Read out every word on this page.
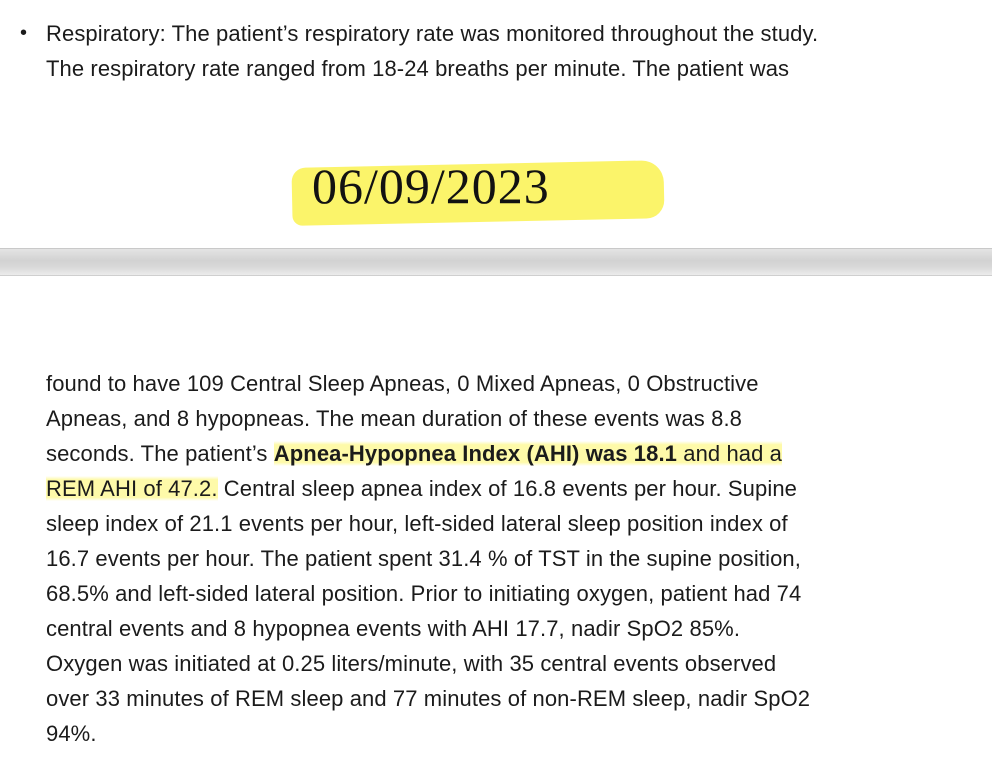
• Respiratory: The patient’s respiratory rate was monitored throughout the study.
The respiratory rate ranged from 18-24 breaths per minute. The patient was
06/09/2023
found to have 109 Central Sleep Apneas, 0 Mixed Apneas, 0 Obstructive
Apneas, and 8 hypopneas. The mean duration of these events was 8.8
seconds. The patient’s Apnea-Hypopnea Index (AHI) was 18.1 and had a
REM AHI of 47.2. Central sleep apnea index of 16.8 events per hour. Supine
sleep index of 21.1 events per hour, left-sided lateral sleep position index of
16.7 events per hour. The patient spent 31.4 % of TST in the supine position,
68.5% and left-sided lateral position. Prior to initiating oxygen, patient had 74
central events and 8 hypopnea events with AHI 17.7, nadir SpO2 85%.
Oxygen was initiated at 0.25 liters/minute, with 35 central events observed
over 33 minutes of REM sleep and 77 minutes of non-REM sleep, nadir SpO2
94%.
